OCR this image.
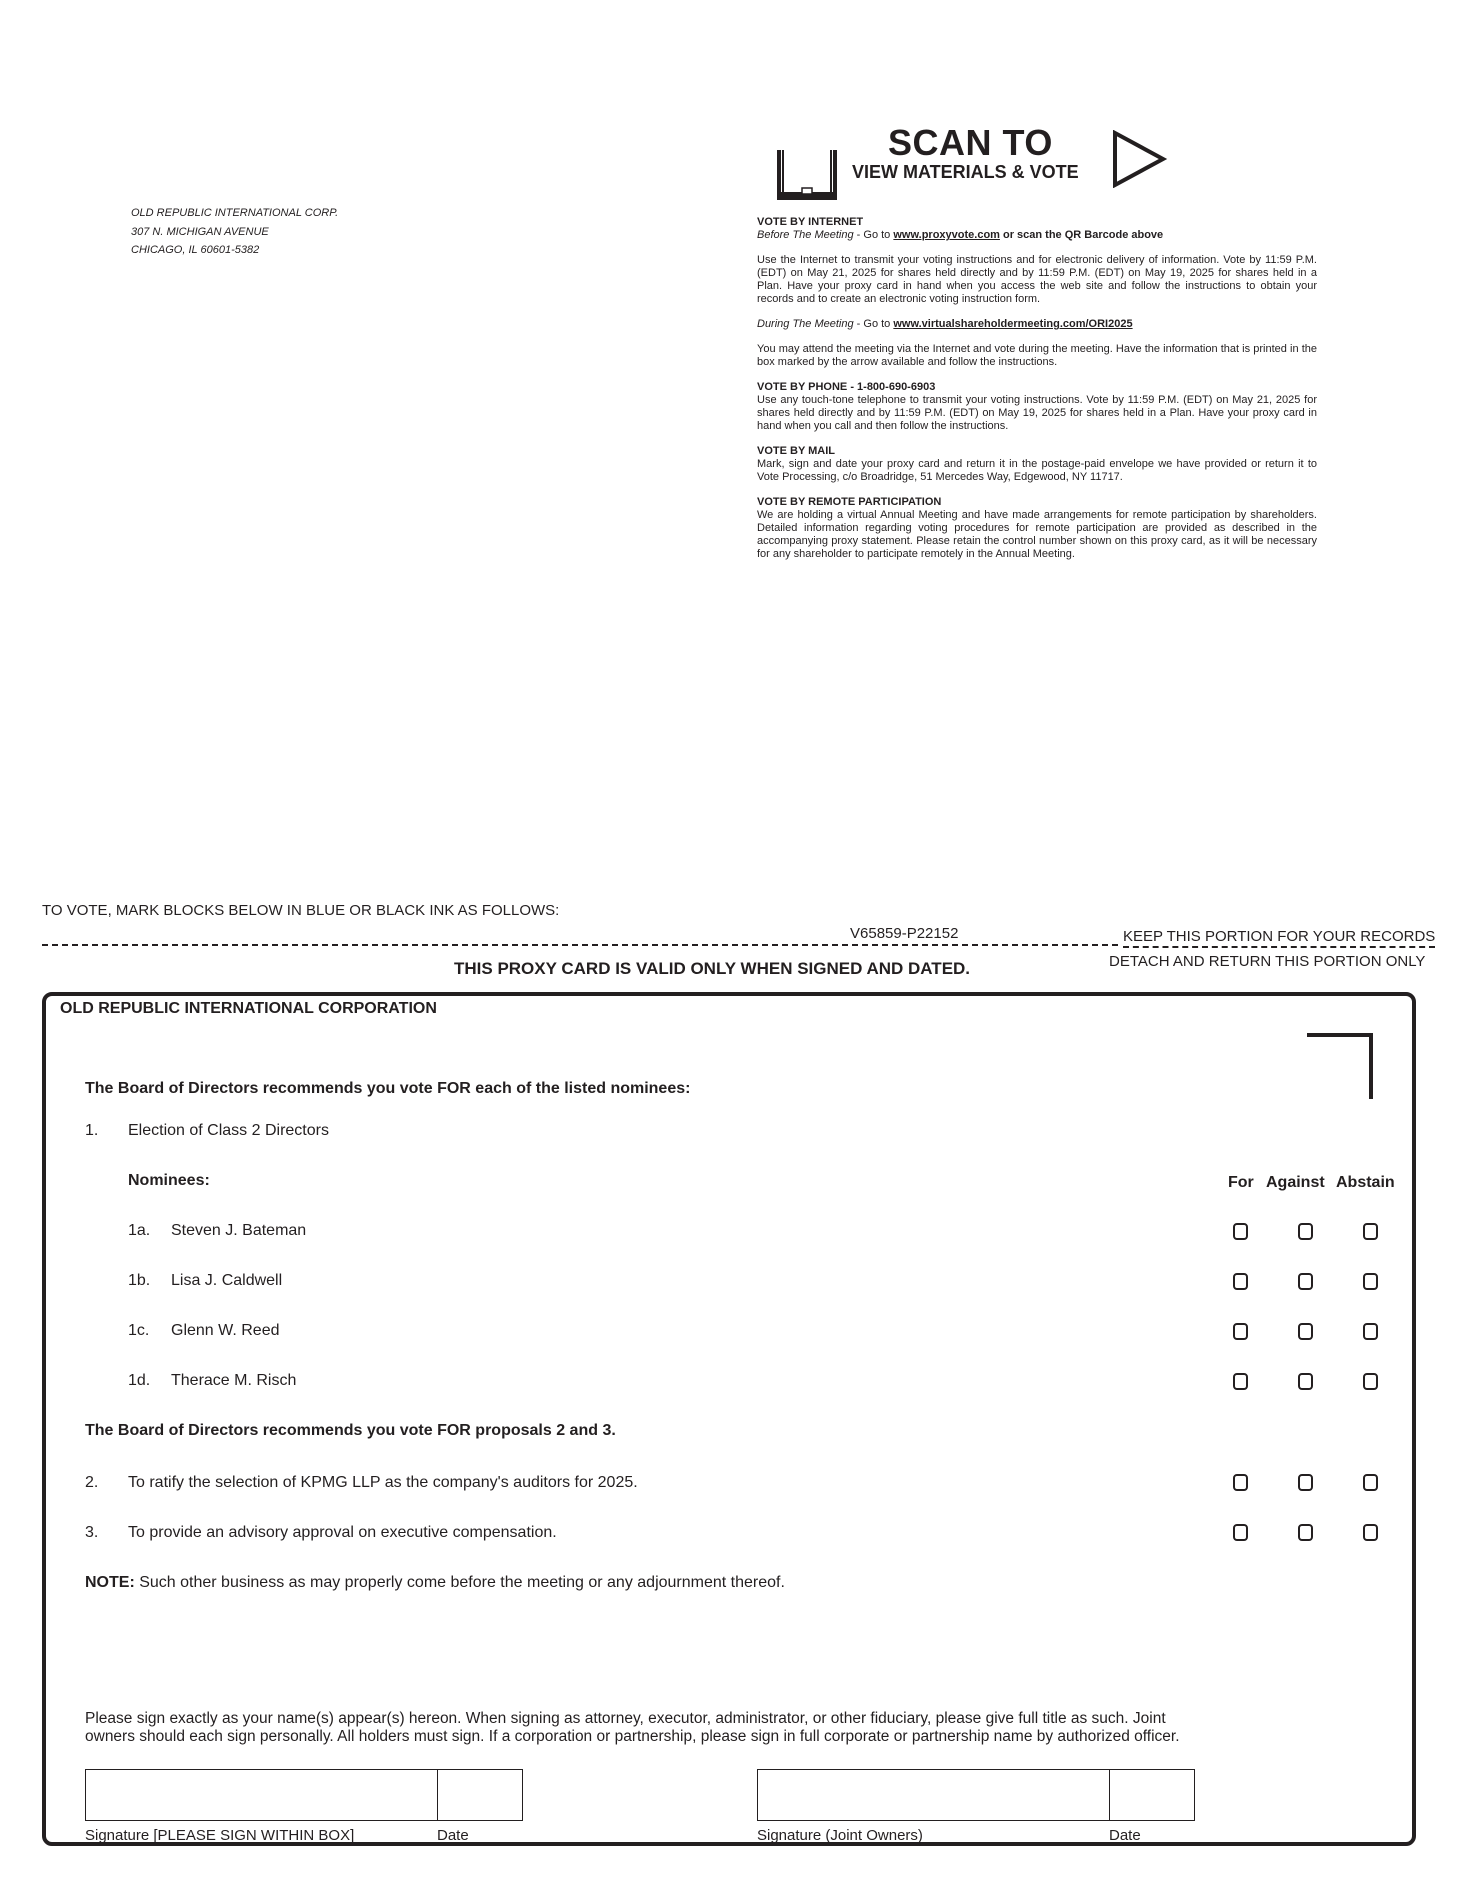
OLD REPUBLIC INTERNATIONAL CORP.
307 N. MICHIGAN AVENUE
CHICAGO, IL 60601-5382
SCAN TO
VIEW MATERIALS & VOTE

VOTE BY INTERNET

Before The Meeting - Go to www.proxyvote.com or scan the QR Barcode above

Use the Internet to transmit your voting instructions and for electronic delivery of information. Vote by 11:59 P.M. (EDT) on May 21, 2025 for shares held directly and by 11:59 P.M. (EDT) on May 19, 2025 for shares held in a Plan. Have your proxy card in hand when you access the web site and follow the instructions to obtain your records and to create an electronic voting instruction form.

During The Meeting - Go to www.virtualshareholdermeeting.com/ORI2025

You may attend the meeting via the Internet and vote during the meeting. Have the information that is printed in the box marked by the arrow available and follow the instructions.

VOTE BY PHONE - 1-800-690-6903

Use any touch-tone telephone to transmit your voting instructions. Vote by 11:59 P.M. (EDT) on May 21, 2025 for shares held directly and by 11:59 P.M. (EDT) on May 19, 2025 for shares held in a Plan. Have your proxy card in hand when you call and then follow the instructions.

VOTE BY MAIL

Mark, sign and date your proxy card and return it in the postage-paid envelope we have provided or return it to Vote Processing, c/o Broadridge, 51 Mercedes Way, Edgewood, NY 11717.

VOTE BY REMOTE PARTICIPATION

We are holding a virtual Annual Meeting and have made arrangements for remote participation by shareholders. Detailed information regarding voting procedures for remote participation are provided as described in the accompanying proxy statement. Please retain the control number shown on this proxy card, as it will be necessary for any shareholder to participate remotely in the Annual Meeting.

TO VOTE, MARK BLOCKS BELOW IN BLUE OR BLACK INK AS FOLLOWS:
V65859-P22152	KEEP THIS PORTION FOR YOUR RECORDS
DETACH AND RETURN THIS PORTION ONLY
THIS PROXY CARD IS VALID ONLY WHEN SIGNED AND DATED.
OLD REPUBLIC INTERNATIONAL CORPORATION
The Board of Directors recommends you vote FOR each of the listed nominees:
1. Election of Class 2 Directors
Nominees:	For Against Abstain
1a. Steven J. Bateman
1b. Lisa J. Caldwell
1c. Glenn W. Reed
1d. Therace M. Risch
The Board of Directors recommends you vote FOR proposals 2 and 3.
2. To ratify the selection of KPMG LLP as the company's auditors for 2025.
3. To provide an advisory approval on executive compensation.
NOTE: Such other business as may properly come before the meeting or any adjournment thereof.
Please sign exactly as your name(s) appear(s) hereon. When signing as attorney, executor, administrator, or other fiduciary, please give full title as such. Joint owners should each sign personally. All holders must sign. If a corporation or partnership, please sign in full corporate or partnership name by authorized officer.
Signature [PLEASE SIGN WITHIN BOX]	Date	Signature (Joint Owners)	Date
